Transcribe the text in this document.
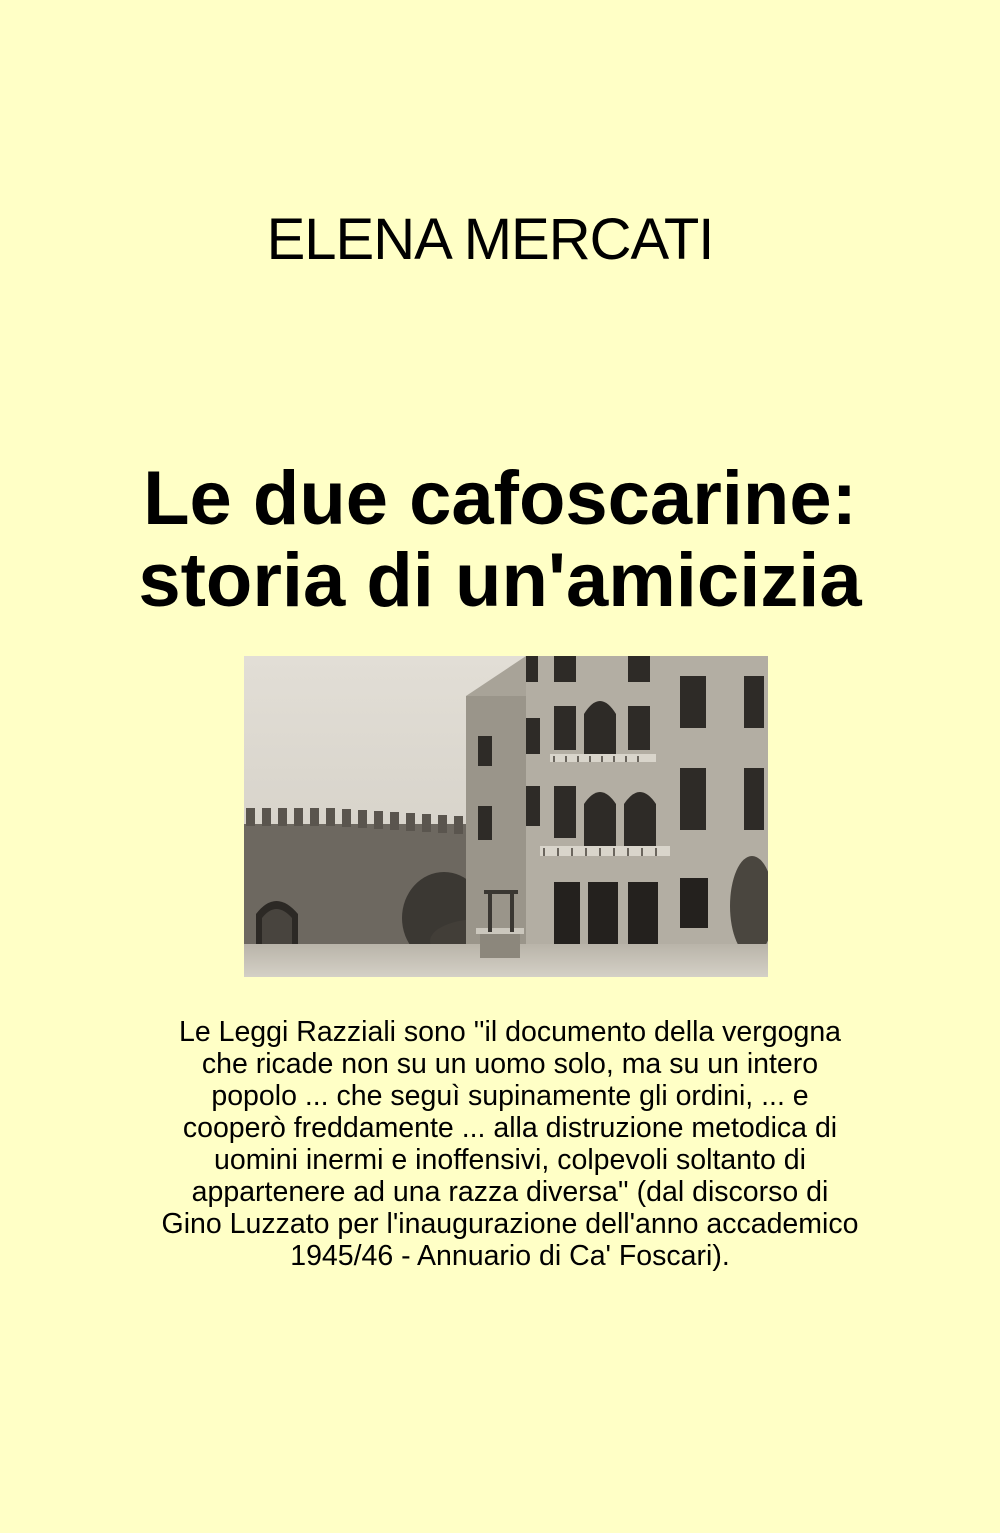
ELENA MERCATI
Le due cafoscarine:
storia di un'amicizia
Le Leggi Razziali sono ''il documento della vergogna
che ricade non su un uomo solo, ma su un intero
popolo ... che seguì supinamente gli ordini, ... e
cooperò freddamente ... alla distruzione metodica di
uomini inermi e inoffensivi, colpevoli soltanto di
appartenere ad una razza diversa'' (dal discorso di
Gino Luzzato per l'inaugurazione dell'anno accademico
1945/46 - Annuario di Ca' Foscari).
